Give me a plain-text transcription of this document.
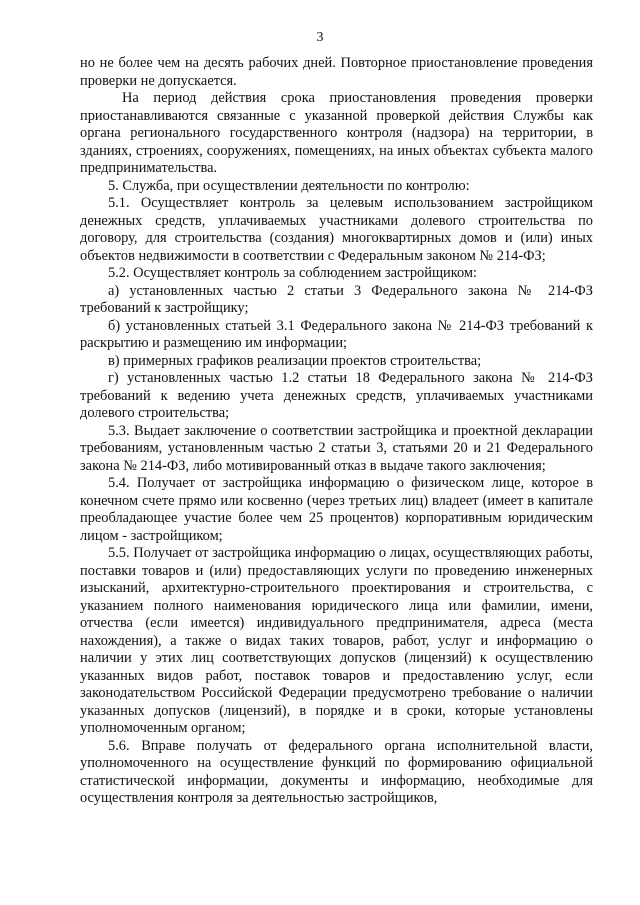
3

но не более чем на десять рабочих дней. Повторное приостановление проведения проверки не допускается.

На период действия срока приостановления проведения проверки приостанавливаются связанные с указанной проверкой действия Службы как органа регионального государственного контроля (надзора) на территории, в зданиях, строениях, сооружениях, помещениях, на иных объектах субъекта малого предпринимательства.

5. Служба, при осуществлении деятельности по контролю:

5.1. Осуществляет контроль за целевым использованием застройщиком денежных средств, уплачиваемых участниками долевого строительства по договору, для строительства (создания) многоквартирных домов и (или) иных объектов недвижимости в соответствии с Федеральным законом № 214-ФЗ;

5.2. Осуществляет контроль за соблюдением застройщиком:

а) установленных частью 2 статьи 3 Федерального закона № 214-ФЗ требований к застройщику;

б) установленных статьей 3.1 Федерального закона № 214-ФЗ требований к раскрытию и размещению им информации;

в) примерных графиков реализации проектов строительства;

г) установленных частью 1.2 статьи 18 Федерального закона № 214-ФЗ требований к ведению учета денежных средств, уплачиваемых участниками долевого строительства;

5.3. Выдает заключение о соответствии застройщика и проектной декларации требованиям, установленным частью 2 статьи 3, статьями 20 и 21 Федерального закона № 214-ФЗ, либо мотивированный отказ в выдаче такого заключения;

5.4. Получает от застройщика информацию о физическом лице, которое в конечном счете прямо или косвенно (через третьих лиц) владеет (имеет в капитале преобладающее участие более чем 25 процентов) корпоративным юридическим лицом - застройщиком;

5.5. Получает от застройщика информацию о лицах, осуществляющих работы, поставки товаров и (или) предоставляющих услуги по проведению инженерных изысканий, архитектурно-строительного проектирования и строительства, с указанием полного наименования юридического лица или фамилии, имени, отчества (если имеется) индивидуального предпринимателя, адреса (места нахождения), а также о видах таких товаров, работ, услуг и информацию о наличии у этих лиц соответствующих допусков (лицензий) к осуществлению указанных видов работ, поставок товаров и предоставлению услуг, если законодательством Российской Федерации предусмотрено требование о наличии указанных допусков (лицензий), в порядке и в сроки, которые установлены уполномоченным органом;

5.6. Вправе получать от федерального органа исполнительной власти, уполномоченного на осуществление функций по формированию официальной статистической информации, документы и информацию, необходимые для осуществления контроля за деятельностью застройщиков,
